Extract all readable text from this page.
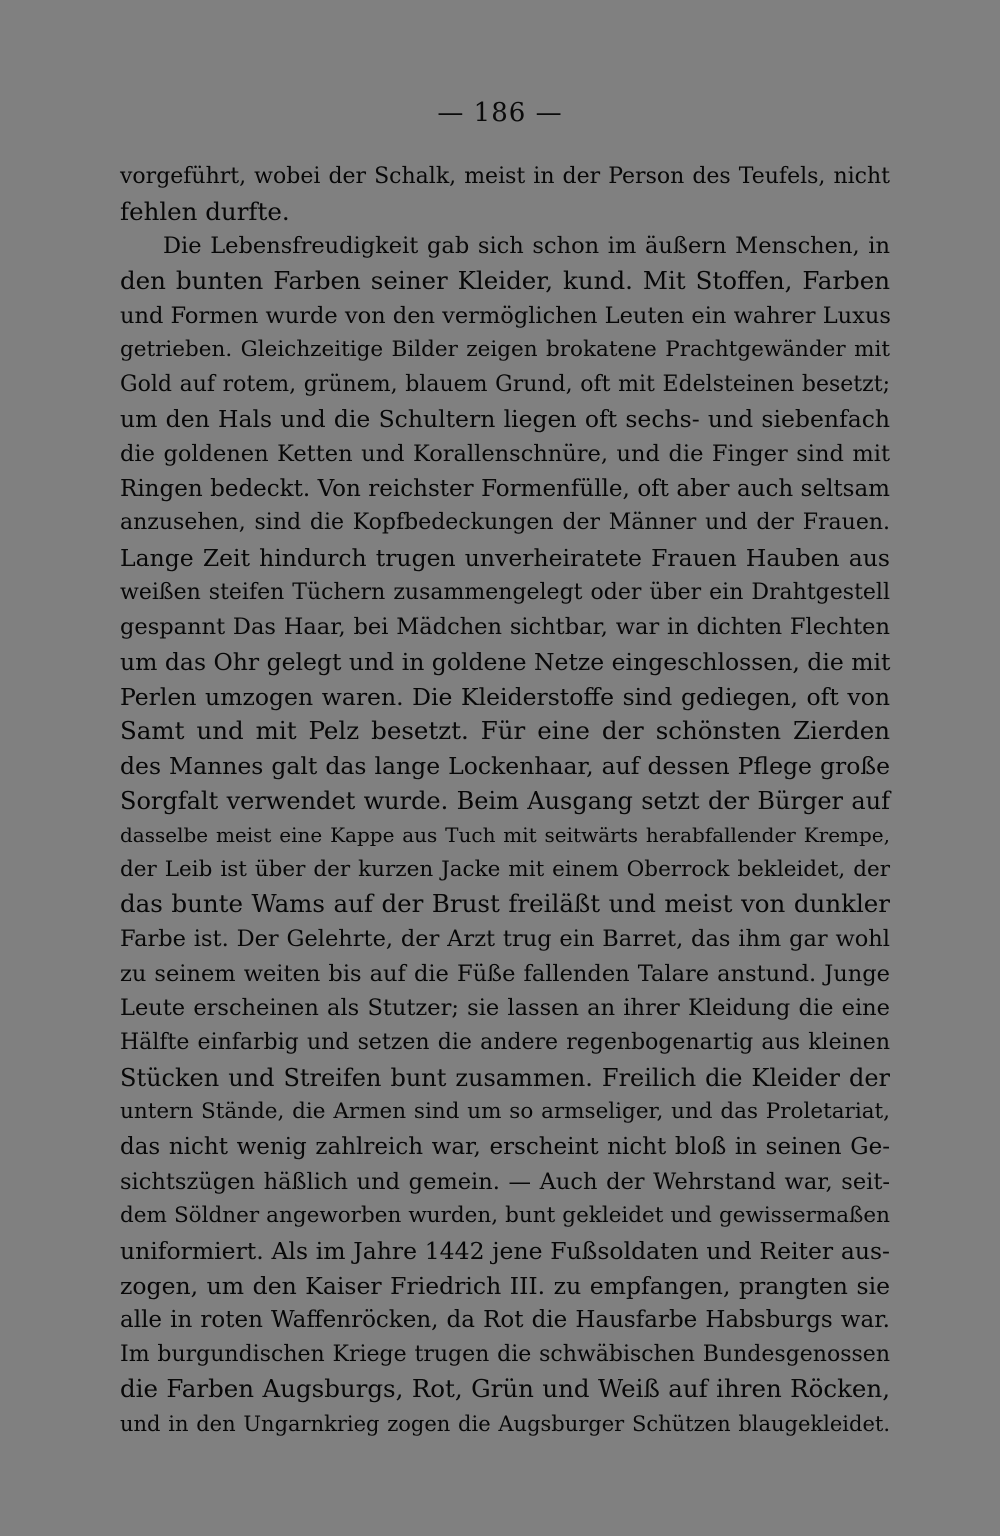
— 186 —
vorgeführt, wobei der Schalk, meist in der Person des Teufels, nicht
fehlen durfte.
Die Lebensfreudigkeit gab sich schon im äußern Menschen, in
den bunten Farben seiner Kleider, kund. Mit Stoffen, Farben
und Formen wurde von den vermöglichen Leuten ein wahrer Luxus
getrieben. Gleichzeitige Bilder zeigen brokatene Prachtgewänder mit
Gold auf rotem, grünem, blauem Grund, oft mit Edelsteinen besetzt;
um den Hals und die Schultern liegen oft sechs- und siebenfach
die goldenen Ketten und Korallenschnüre, und die Finger sind mit
Ringen bedeckt. Von reichster Formenfülle, oft aber auch seltsam
anzusehen, sind die Kopfbedeckungen der Männer und der Frauen.
Lange Zeit hindurch trugen unverheiratete Frauen Hauben aus
weißen steifen Tüchern zusammengelegt oder über ein Drahtgestell
gespannt Das Haar, bei Mädchen sichtbar, war in dichten Flechten
um das Ohr gelegt und in goldene Netze eingeschlossen, die mit
Perlen umzogen waren. Die Kleiderstoffe sind gediegen, oft von
Samt und mit Pelz besetzt. Für eine der schönsten Zierden
des Mannes galt das lange Lockenhaar, auf dessen Pflege große
Sorgfalt verwendet wurde. Beim Ausgang setzt der Bürger auf
dasselbe meist eine Kappe aus Tuch mit seitwärts herabfallender Krempe,
der Leib ist über der kurzen Jacke mit einem Oberrock bekleidet, der
das bunte Wams auf der Brust freiläßt und meist von dunkler
Farbe ist. Der Gelehrte, der Arzt trug ein Barret, das ihm gar wohl
zu seinem weiten bis auf die Füße fallenden Talare anstund. Junge
Leute erscheinen als Stutzer; sie lassen an ihrer Kleidung die eine
Hälfte einfarbig und setzen die andere regenbogenartig aus kleinen
Stücken und Streifen bunt zusammen. Freilich die Kleider der
untern Stände, die Armen sind um so armseliger, und das Proletariat,
das nicht wenig zahlreich war, erscheint nicht bloß in seinen Ge-
sichtszügen häßlich und gemein. — Auch der Wehrstand war, seit-
dem Söldner angeworben wurden, bunt gekleidet und gewissermaßen
uniformiert. Als im Jahre 1442 jene Fußsoldaten und Reiter aus-
zogen, um den Kaiser Friedrich III. zu empfangen, prangten sie
alle in roten Waffenröcken, da Rot die Hausfarbe Habsburgs war.
Im burgundischen Kriege trugen die schwäbischen Bundesgenossen
die Farben Augsburgs, Rot, Grün und Weiß auf ihren Röcken,
und in den Ungarnkrieg zogen die Augsburger Schützen blaugekleidet.
